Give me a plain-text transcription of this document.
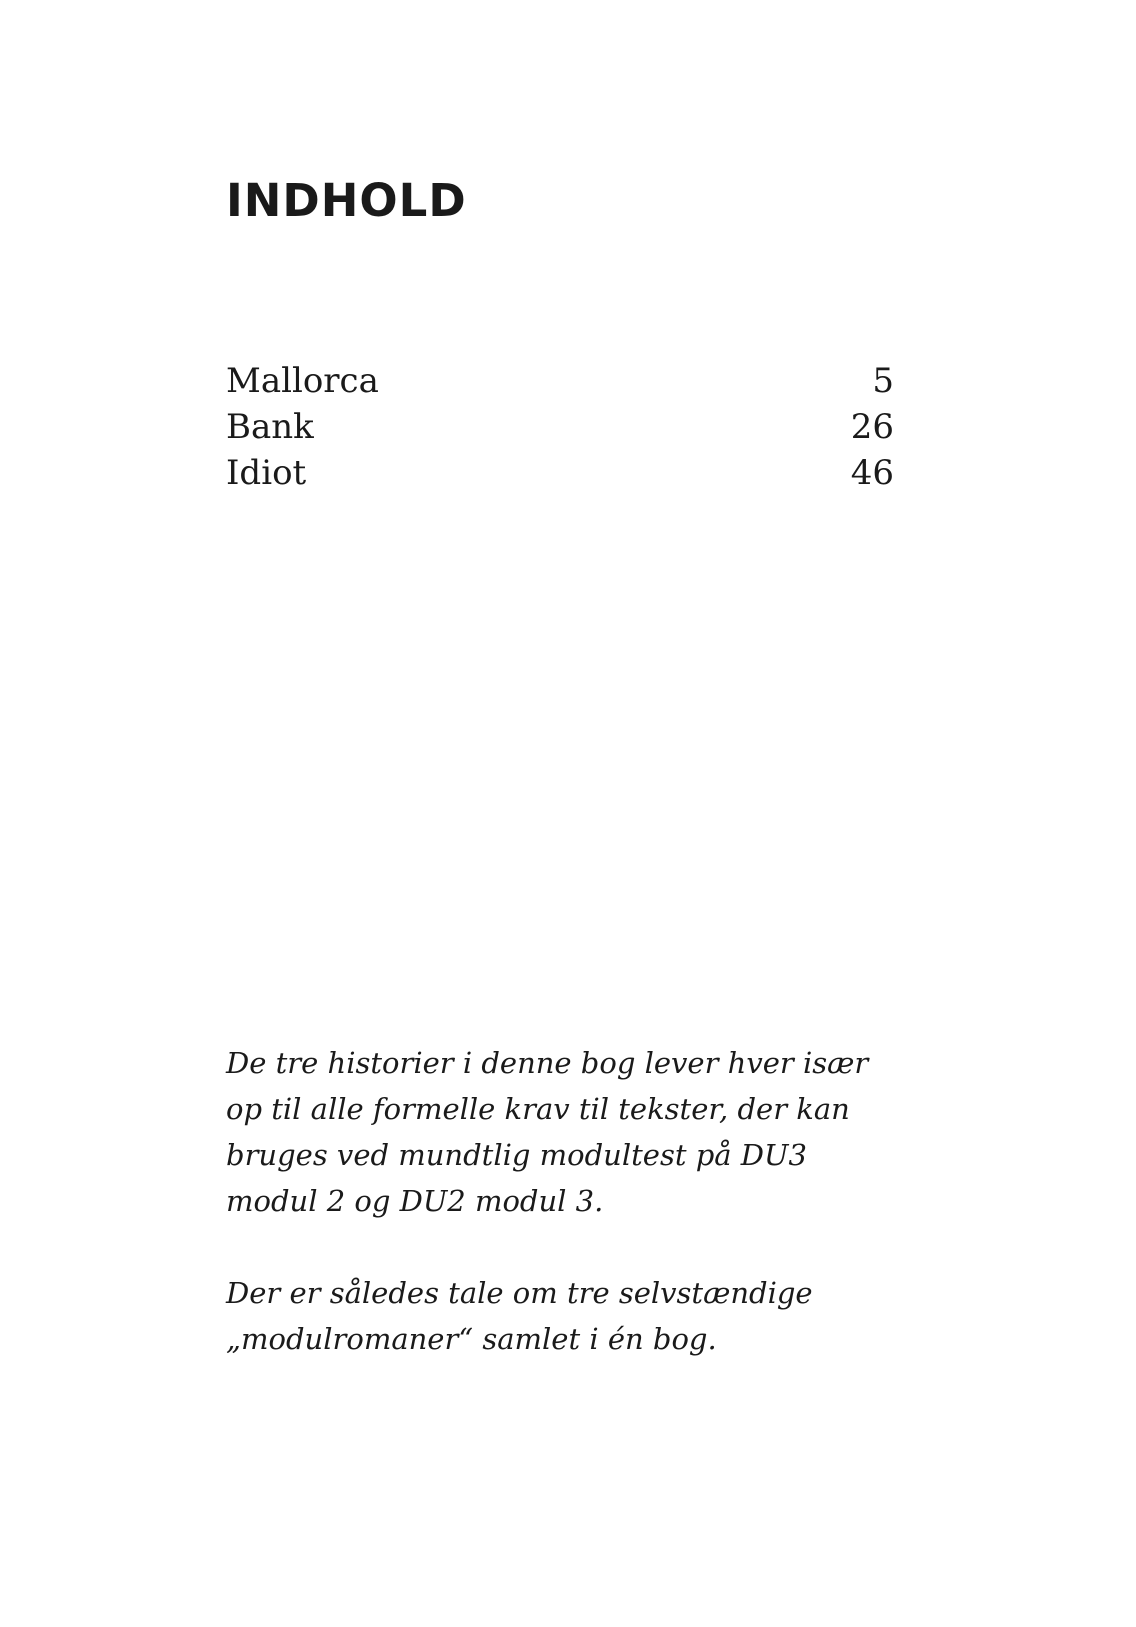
INDHOLD
Mallorca	5
Bank	26
Idiot	46

De tre historier i denne bog lever hver især op til alle formelle krav til tekster, der kan bruges ved mundtlig modultest på DU3 modul 2 og DU2 modul 3.

Der er således tale om tre selvstændige „modulromaner“ samlet i én bog.
